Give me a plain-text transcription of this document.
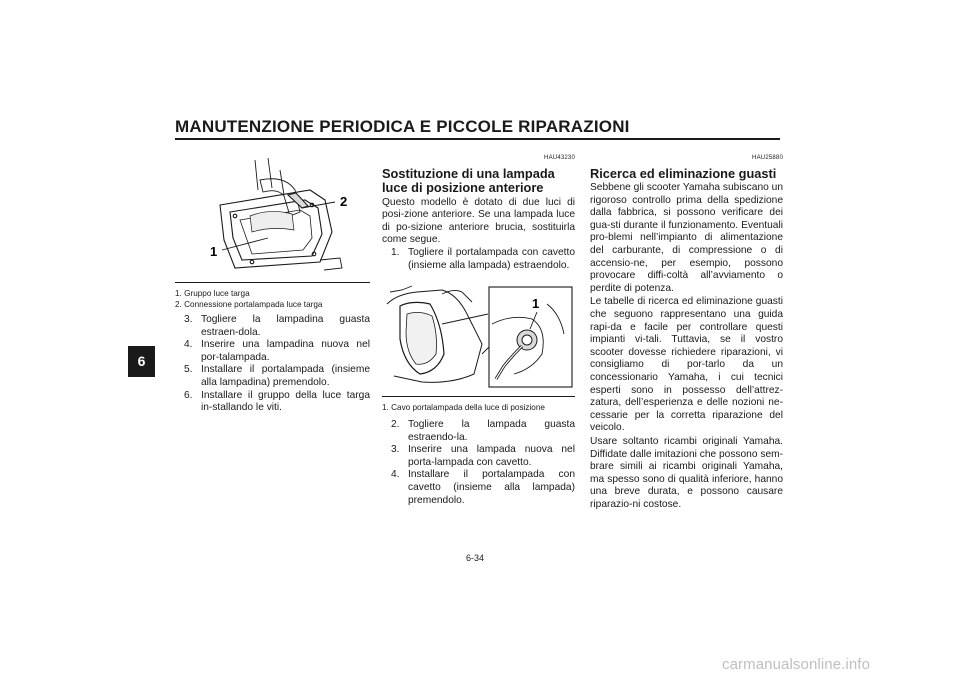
MANUTENZIONE PERIODICA E PICCOLE RIPARAZIONI
6
2
1
1. Gruppo luce targa
2. Connessione portalampada luce targa
3. Togliere la lampadina guasta estraen-dola.
4. Inserire una lampadina nuova nel por-talampada.
5. Installare il portalampada (insieme alla lampadina) premendolo.
6. Installare il gruppo della luce targa in-stallando le viti.
HAU43230
Sostituzione di una lampada luce di posizione anteriore
Questo modello è dotato di due luci di posi-zione anteriore. Se una lampada luce di po-sizione anteriore brucia, sostituirla come segue.
1. Togliere il portalampada con cavetto (insieme alla lampada) estraendolo.
1
1. Cavo portalampada della luce di posizione
2. Togliere la lampada guasta estraendo-la.
3. Inserire una lampada nuova nel porta-lampada con cavetto.
4. Installare il portalampada con cavetto (insieme alla lampada) premendolo.
HAU25880
Ricerca ed eliminazione guasti
Sebbene gli scooter Yamaha subiscano un rigoroso controllo prima della spedizione dalla fabbrica, si possono verificare dei gua-sti durante il funzionamento. Eventuali pro-blemi nell’impianto di alimentazione del carburante, di compressione o di accensio-ne, per esempio, possono provocare diffi-coltà all’avviamento o perdite di potenza.
Le tabelle di ricerca ed eliminazione guasti che seguono rappresentano una guida rapi-da e facile per controllare questi impianti vi-tali. Tuttavia, se il vostro scooter dovesse richiedere riparazioni, vi consigliamo di por-tarlo da un concessionario Yamaha, i cui tecnici esperti sono in possesso dell’attrez-zatura, dell’esperienza e delle nozioni ne-cessarie per la corretta riparazione del veicolo.
Usare soltanto ricambi originali Yamaha. Diffidate dalle imitazioni che possono sem-brare simili ai ricambi originali Yamaha, ma spesso sono di qualità inferiore, hanno una breve durata, e possono causare riparazio-ni costose.
6-34
carmanualsonline.info
